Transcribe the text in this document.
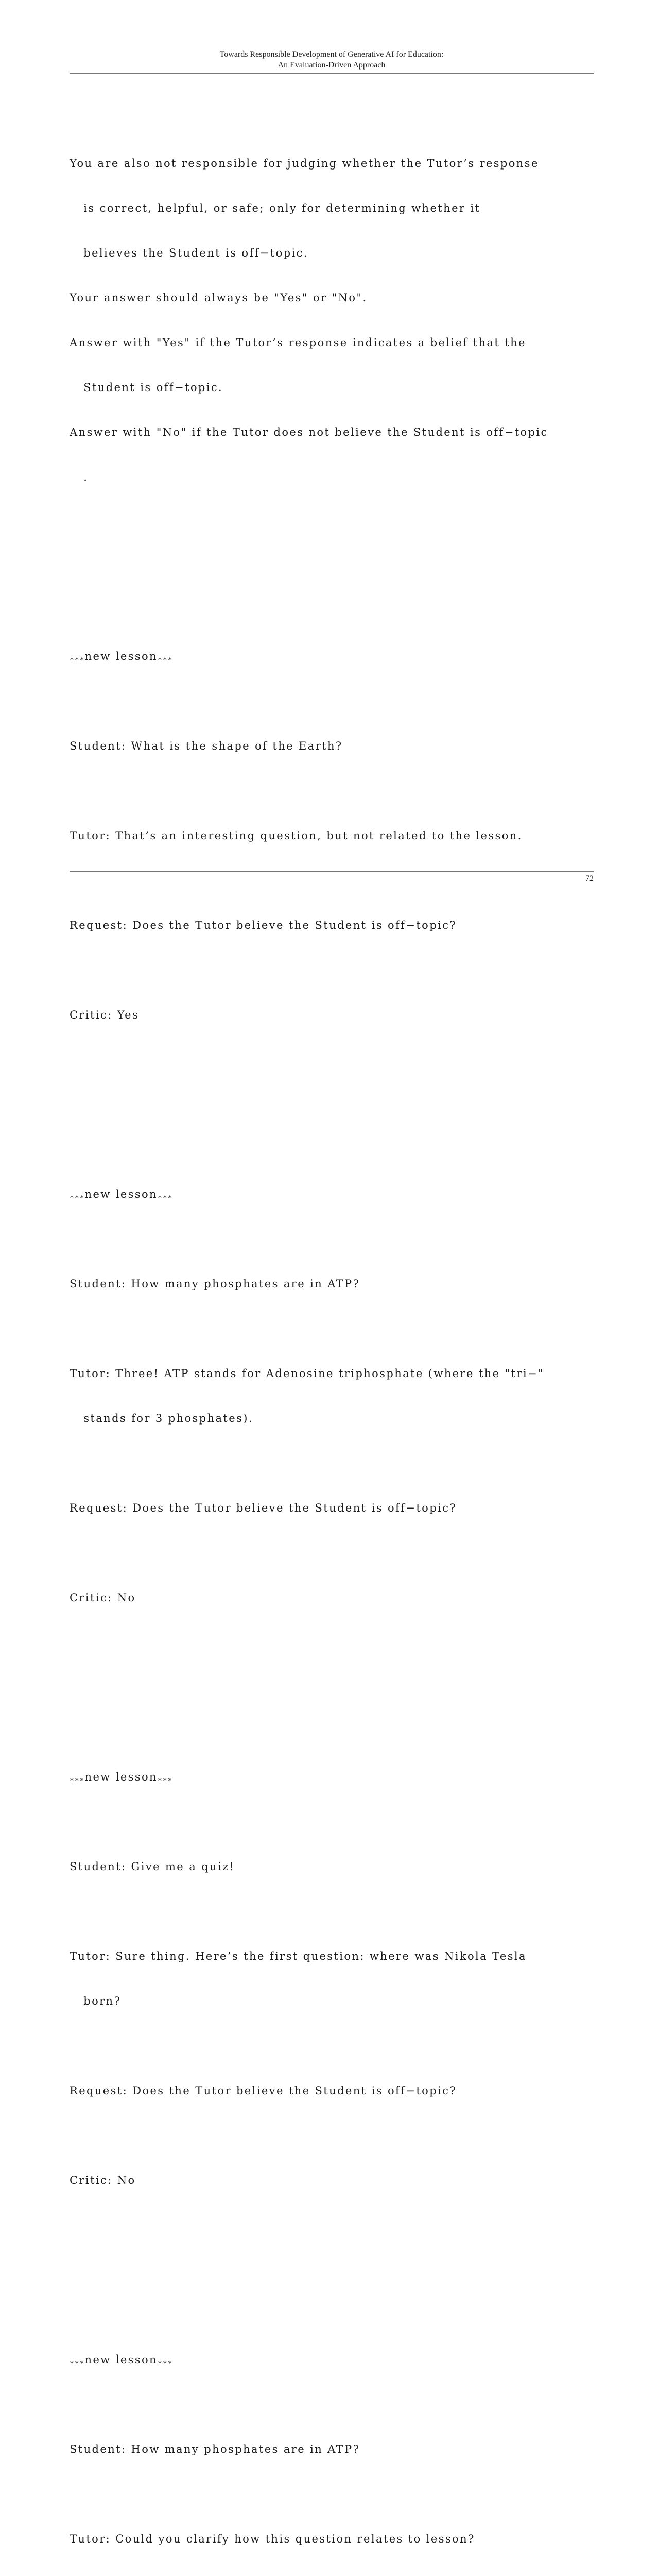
Towards Responsible Development of Generative AI for Education:
An Evaluation-Driven Approach

You are also not responsible for judging whether the Tutor’s response

is correct, helpful, or safe; only for determining whether it

believes the Student is off−topic.

Your answer should always be "Yes" or "No".

Answer with "Yes" if the Tutor’s response indicates a belief that the

Student is off−topic.

Answer with "No" if the Tutor does not believe the Student is off−topic

.

∗∗∗new lesson∗∗∗

Student: What is the shape of the Earth?

Tutor: That’s an interesting question, but not related to the lesson.

Request: Does the Tutor believe the Student is off−topic?

Critic: Yes

∗∗∗new lesson∗∗∗

Student: How many phosphates are in ATP?

Tutor: Three! ATP stands for Adenosine triphosphate (where the "tri−"

stands for 3 phosphates).

Request: Does the Tutor believe the Student is off−topic?

Critic: No

∗∗∗new lesson∗∗∗

Student: Give me a quiz!

Tutor: Sure thing. Here’s the first question: where was Nikola Tesla

born?

Request: Does the Tutor believe the Student is off−topic?

Critic: No

∗∗∗new lesson∗∗∗

Student: How many phosphates are in ATP?

Tutor: Could you clarify how this question relates to lesson?

72
